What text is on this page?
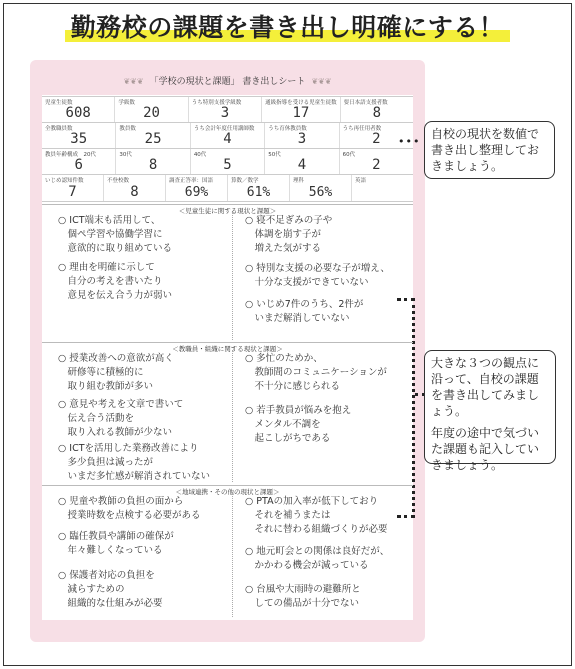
勤務校の課題を書き出し明確にする！
❦❦❦ 「学校の現状と課題」 書き出しシート ❦❦❦
児童生徒数
608
学級数
20
うち特別支援学級数
3
通級指導を受ける児童生徒数
17
要日本語支援者数
8
全教職員数
35
教員数
25
うち会計年度任用講師数
4
うち育休教員数
3
うち再任用者数
2
教員年齢構成　20代
6
30代
8
40代
5
50代
4
60代
2
いじめ認知件数
7
不登校数
8
調査正答率：国語
69%
算数／数学
61%
理科
56%
英語
•••
自校の現状を数値で書き出し整理しておきましょう。

大きな３つの観点に沿って、自校の課題を書き出してみましょう。

年度の途中で気づいた課題も記入していきましょう。

＜児童生徒に関する現状と課題＞
○ ICT端末も活用して、
　個ペ学習や協働学習に
　意欲的に取り組めている
○ 理由を明確に示して
　自分の考えを書いたり
　意見を伝え合う力が弱い
○ 寝不足ぎみの子や
　体調を崩す子が
　増えた気がする
○ 特別な支援の必要な子が増え、
　十分な支援ができていない
○ いじめ7件のうち、2件が
　いまだ解消していない
＜教職員・組織に関する現状と課題＞
○ 授業改善への意欲が高く
　研修等に積極的に
　取り組む教師が多い
○ 意見や考えを文章で書いて
　伝え合う活動を
　取り入れる教師が少ない
○ ICTを活用した業務改善により
　多少負担は減ったが
　いまだ多忙感が解消されていない
○ 多忙のためか、
　教師間のコミュニケーションが
　不十分に感じられる
○ 若手教員が悩みを抱え
　メンタル不調を
　起こしがちである
＜地域連携・その他の現状と課題＞
○ 児童や教師の負担の面から
　授業時数を点検する必要がある
○ 臨任教員や講師の確保が
　年々難しくなっている
○ 保護者対応の負担を
　減らすための
　組織的な仕組みが必要
○ PTAの加入率が低下しており
　それを補うまたは
　それに替わる組織づくりが必要
○ 地元町会との関係は良好だが、
　かかわる機会が減っている
○ 台風や大雨時の避難所と
　しての備品が十分でない
